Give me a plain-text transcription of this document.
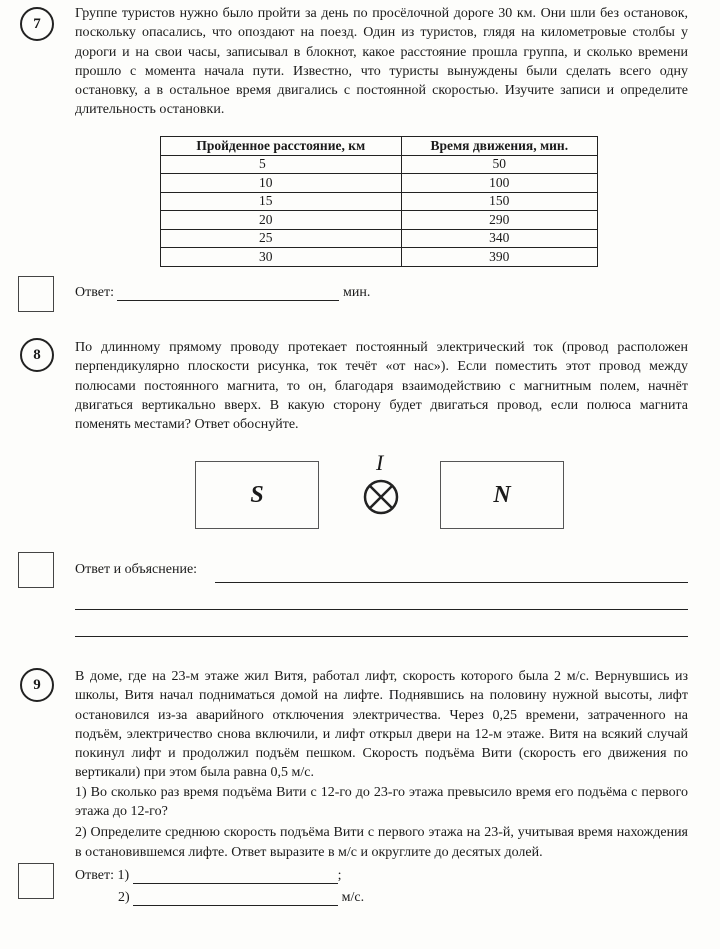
7
Группе туристов нужно было пройти за день по просёлочной дороге 30 км. Они шли без остановок, поскольку опасались, что опоздают на поезд. Один из туристов, глядя на километровые столбы у дороги и на свои часы, записывал в блокнот, какое расстояние прошла группа, и сколько времени прошло с момента начала пути. Известно, что туристы вынуждены были сделать всего одну остановку, а в остальное время двигались с постоянной скоростью. Изучите записи и определите длительность остановки.
Пройденное расстояние, км	Время движения, мин.
5	50
10	100
15	150
20	290
25	340
30	390
Ответ:	мин.
8	По длинному прямому проводу протекает постоянный электрический ток (провод расположен перпендикулярно плоскости рисунка, ток течёт «от нас»). Если поместить этот провод между полюсами постоянного магнита, то он, благодаря взаимодействию с магнитным полем, начнёт двигаться вертикально вверх. В какую сторону будет двигаться провод, если полюса магнита поменять местами? Ответ обоснуйте.
S	N
I
Ответ и объяснение:
9
В доме, где на 23-м этаже жил Витя, работал лифт, скорость которого была 2 м/с. Вернувшись из школы, Витя начал подниматься домой на лифте. Поднявшись на половину нужной высоты, лифт остановился из-за аварийного отключения электричества. Через 0,25 времени, затраченного на подъём, электричество снова включили, и лифт открыл двери на 12-м этаже. Витя на всякий случай покинул лифт и продолжил подъём пешком. Скорость подъёма Вити (скорость его движения по вертикали) при этом была равна 0,5 м/с.
1) Во сколько раз время подъёма Вити с 12-го до 23-го этажа превысило время его подъёма с первого этажа до 12-го?
2) Определите среднюю скорость подъёма Вити с первого этажа на 23-й, учитывая время нахождения в остановившемся лифте. Ответ выразите в м/с и округлите до десятых долей.
Ответ: 1)	;
2)	м/с.
